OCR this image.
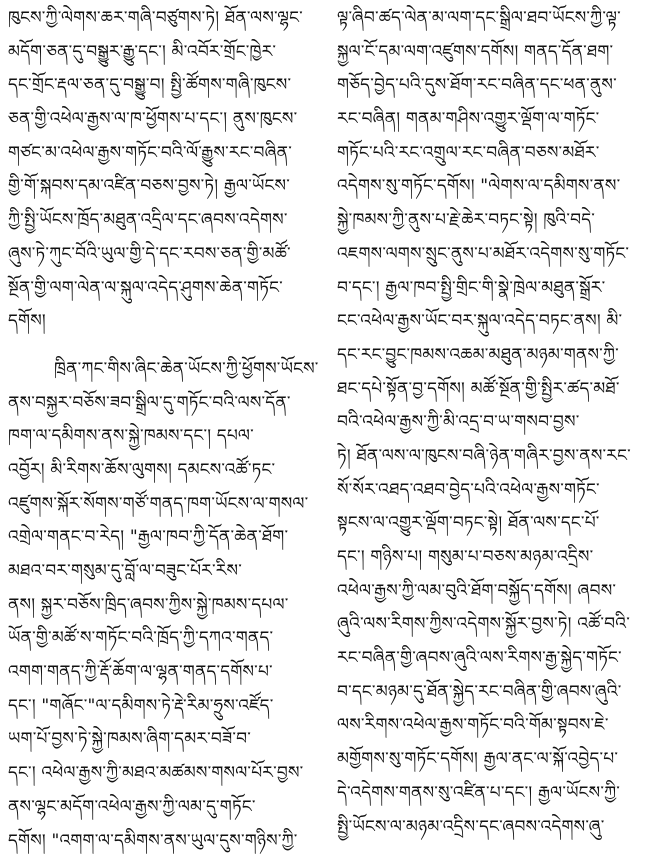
ཁུངས་ཀྱི་ལེགས་ཆར་གཞི་བཙུགས་ཏེ། ཐོན་ལས་ལྷང་
མདོག་ཅན་དུ་བསྒྱུར་རྒྱུ་དང་། མི་འབོར་གྲོང་ཁྱེར་
དང་གྲོང་རྡལ་ཅན་དུ་བསྒྱུ་བ། སྤྱི་ཚོགས་གཞི་ཁུངས་
ཅན་གྱི་འཕེལ་རྒྱས་ལ་ཁ་ཕྱོགས་པ་དང་། ནུས་ཁུངས་
གཙང་མ་འཕེལ་རྒྱས་གཏོང་བའི་ལོ་རྒྱུས་རང་བཞིན་
གྱི་གོ་སྐབས་དམ་འཛིན་བཅས་བྱས་ཏེ། རྒྱལ་ཡོངས་
ཀྱི་སྤྱི་ཡོངས་ཁྲོད་མཐུན་འདྲིལ་དང་ཞབས་འདེགས་
ཞུས་ཏེ་ཀུང་བོའི་ཡུལ་གྱི་དེ་དང་རབས་ཅན་གྱི་མཚོ་
སྔོན་གྱི་ལག་ལེན་ལ་སྐུལ་འདེད་ཤུགས་ཆེན་གཏོང་
དགོས།
ཁྲིན་ཀང་གིས་ཞིང་ཆེན་ཡོངས་ཀྱི་ཕྱོགས་ཡོངས་
ནས་བསྐྱར་བཅོས་ཟབ་སྒྲིལ་དུ་གཏོང་བའི་ལས་དོན་
ཁག་ལ་དམིགས་ནས་སྐྱེ་ཁམས་དང་། དཔལ་
འབྱོར། མི་རིགས་ཆོས་ལུགས། དམངས་འཚོ་ཏང་
འཛུགས་སྐོར་སོགས་གཙོ་གནད་ཁག་ཡོངས་ལ་གསལ་
འགྲེལ་གནང་བ་རེད། "རྒྱལ་ཁབ་ཀྱི་དོན་ཆེན་ཐོག་
མཐའ་བར་གསུམ་དུ་བློ་ལ་བཟུང་པོར་རིས་
ནས། སྐྱར་བཅོས་ཁྲིད་ཞབས་ཀྱིས་སྐྱེ་ཁམས་དཔལ་
ཡོན་གྱི་མཚོ་ས་གཏོང་བའི་ཁྲོད་ཀྱི་དཀའ་གནད་
འགག་གནད་ཀྱི་རྡོ་ཆོག་ལ་ལྷན་གནད་དགོས་པ་
དང་། "གཞོང་"ལ་དམིགས་ཏེ་རྡེ་རིམ་ཧྲུས་འཛོད་
ཡག་པོ་བྱས་ཏེ་སྐྱེ་ཁམས་ཞིག་དམར་བཟོ་བ་
དང་། འཕེལ་རྒྱས་ཀྱི་མཐའ་མཚམས་གསལ་པོར་བྱས་
ནས་ལྷང་མདོག་འཕེལ་རྒྱས་ཀྱི་ལམ་དུ་གཏོང་
དགོས། "འགག་ལ་དམིགས་ནས་ཡུལ་དུས་གཉིས་ཀྱི་
ལྟ་ཞིབ་ཚད་ལེན་མ་ལག་དང་སྒྲིལ་ཐབ་ཡོངས་ཀྱི་ལྟ་
སྐྱལ་ངོ་དམ་ལག་འཛུགས་དགོས། གནད་དོན་ཐག་
གཅོད་བྱེད་པའི་དུས་ཐོག་རང་བཞིན་དང་ཕན་ནུས་
རང་བཞིན། གནམ་གཤིས་འགྱུར་ལྡོག་ལ་གཏོང་
གཏོང་པའི་རང་འགྲུལ་རང་བཞིན་བཅས་མཐོར་
འདེགས་སུ་གཏོང་དགོས། "ལེགས་ལ་དམིགས་ནས་
སྐྱེ་ཁམས་ཀྱི་ནུས་པ་རྗེ་ཆེར་བཏང་སྟེ། ཁུའི་བདེ་
འཇགས་ལགས་སྲུང་ནུས་པ་མཐོར་འདེགས་སུ་གཏོང་
བ་དང་། རྒྱལ་ཁབ་སྤྱི་གྲིང་གི་སྣེ་ཁྲེལ་མཐུན་སྒྲོར་
ངང་འཕེལ་རྒྱས་ཡོང་བར་སྐུལ་འདེད་བཏང་ནས། མི་
དང་རང་བྱུང་ཁམས་འཆམ་མཐུན་མཉམ་གནས་ཀྱི་
ཐང་དཔེ་སྟོན་བྱ་དགོས། མཚོ་སྔོན་གྱི་སྤྱིར་ཚད་མཐོ་
བའི་འཕེལ་རྒྱས་ཀྱི་མི་འདྲ་བ་ཡ་གསབ་བྱས་
ཏེ། ཐོན་ལས་ལ་ཁུངས་བཞི་ཉེན་གཞིར་བྱས་ནས་རང་
སོ་སོར་འཐད་འཐབ་བྱེད་པའི་འཕེལ་རྒྱས་གཏོང་
སྟངས་ལ་འགྱུར་ལྡོག་བཏང་སྟེ། ཐོན་ལས་དང་པོ་
དང་། གཉིས་པ། གསུམ་པ་བཅས་མཉམ་འདྲིས་
འཕེལ་རྒྱས་ཀྱི་ལམ་བུའི་ཐོག་བསྐྱོད་དགོས། ཞབས་
ཞུའི་ལས་རིགས་ཀྱིས་འདེགས་སྐྱོར་བྱས་ཏེ། འཚོ་བའི་
རང་བཞིན་གྱི་ཞབས་ཞུའི་ལས་རིགས་རྒྱ་སྐྱེད་གཏོང་
བ་དང་མཉམ་དུ་ཐོན་སྐྱེད་རང་བཞིན་གྱི་ཞབས་ཞུའི་
ལས་རིགས་འཕེལ་རྒྱས་གཏོང་བའི་གོམ་སྟབས་ཇེ་
མགྱོགས་སུ་གཏོང་དགོས། རྒྱལ་ནང་ལ་སྐོ་འབྱེད་པ་
དེ་འདེགས་གནས་སུ་འཛིན་པ་དང་། རྒྱལ་ཡོངས་ཀྱི་
སྤྱི་ཡོངས་ལ་མཉམ་འདྲིས་དང་ཞབས་འདེགས་ཞུ་
